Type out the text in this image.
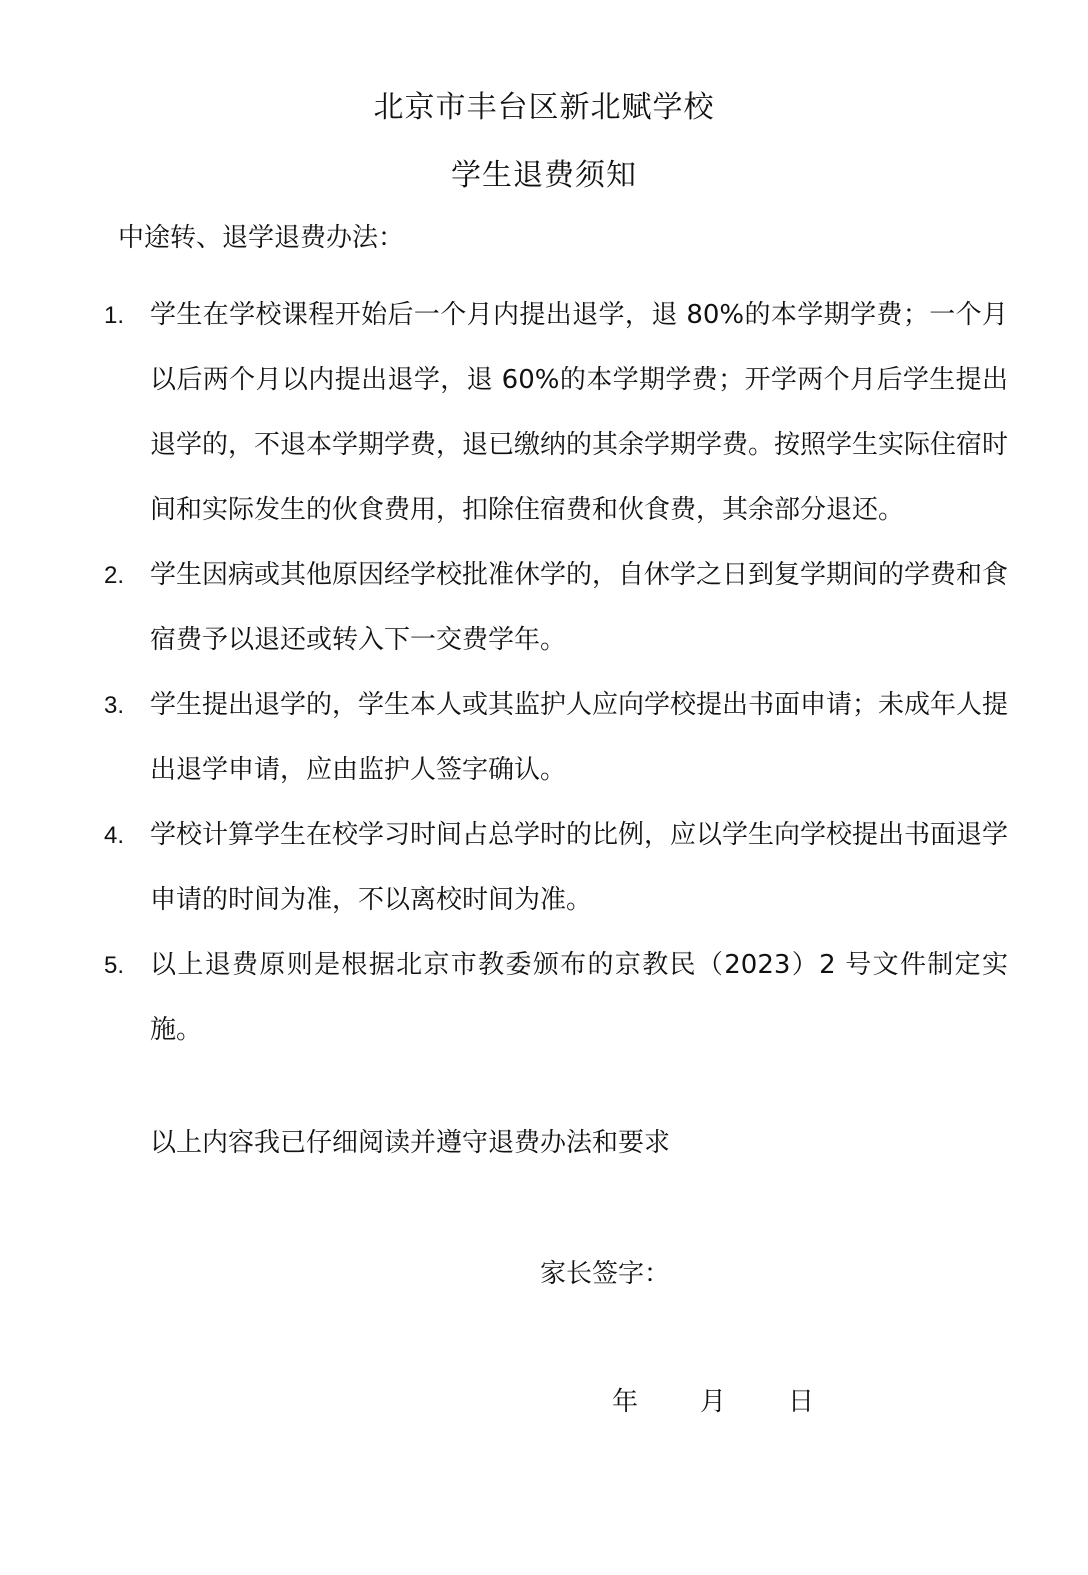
北京市丰台区新北赋学校
学生退费须知
中途转、退学退费办法：
1. 学生在学校课程开始后一个月内提出退学，退 80%的本学期学费；一个月以后两个月以内提出退学，退 60%的本学期学费；开学两个月后学生提出退学的，不退本学期学费，退已缴纳的其余学期学费。按照学生实际住宿时间和实际发生的伙食费用，扣除住宿费和伙食费，其余部分退还。
2. 学生因病或其他原因经学校批准休学的，自休学之日到复学期间的学费和食宿费予以退还或转入下一交费学年。
3. 学生提出退学的，学生本人或其监护人应向学校提出书面申请；未成年人提出退学申请，应由监护人签字确认。
4. 学校计算学生在校学习时间占总学时的比例，应以学生向学校提出书面退学申请的时间为准，不以离校时间为准。
5. 以上退费原则是根据北京市教委颁布的京教民（2023）2 号文件制定实施。
以上内容我已仔细阅读并遵守退费办法和要求
家长签字：
年 月 日
